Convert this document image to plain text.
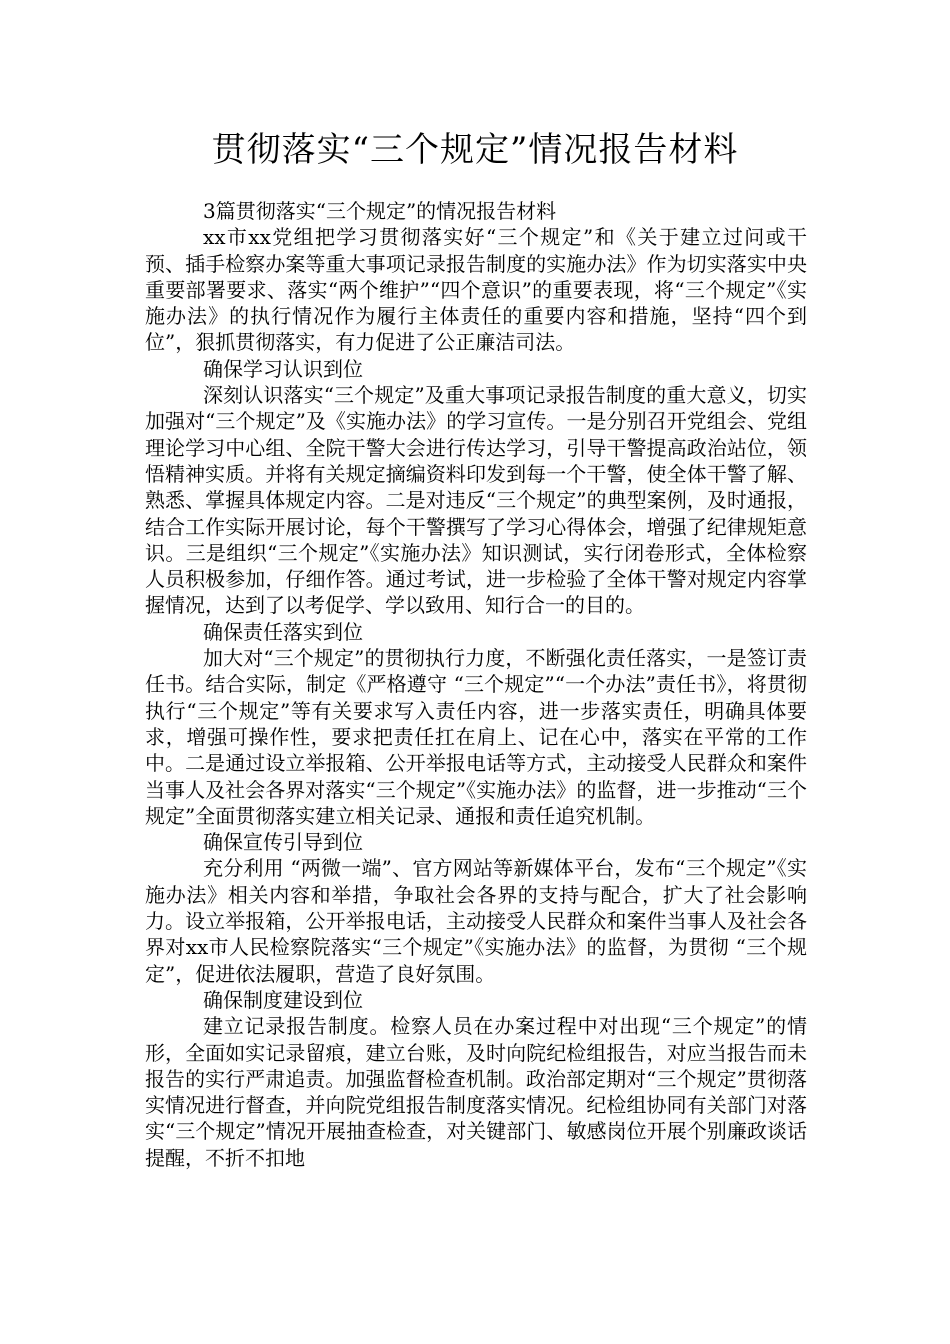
贯彻落实“三个规定”情况报告材料

3篇贯彻落实“三个规定”的情况报告材料

xx市xx党组把学习贯彻落实好“三个规定”和《关于建立过问或干预、插手检察办案等重大事项记录报告制度的实施办法》作为切实落实中央重要部署要求、落实“两个维护”“四个意识”的重要表现，将“三个规定”《实施办法》的执行情况作为履行主体责任的重要内容和措施，坚持“四个到位”，狠抓贯彻落实，有力促进了公正廉洁司法。

确保学习认识到位

深刻认识落实“三个规定”及重大事项记录报告制度的重大意义，切实加强对“三个规定”及《实施办法》的学习宣传。一是分别召开党组会、党组理论学习中心组、全院干警大会进行传达学习，引导干警提高政治站位，领悟精神实质。并将有关规定摘编资料印发到每一个干警，使全体干警了解、熟悉、掌握具体规定内容。二是对违反“三个规定”的典型案例，及时通报，结合工作实际开展讨论，每个干警撰写了学习心得体会，增强了纪律规矩意识。三是组织“三个规定”《实施办法》知识测试，实行闭卷形式，全体检察人员积极参加，仔细作答。通过考试，进一步检验了全体干警对规定内容掌握情况，达到了以考促学、学以致用、知行合一的目的。

确保责任落实到位

加大对“三个规定”的贯彻执行力度，不断强化责任落实，一是签订责任书。结合实际，制定《严格遵守 “三个规定”“一个办法”责任书》，将贯彻执行“三个规定”等有关要求写入责任内容，进一步落实责任，明确具体要求，增强可操作性，要求把责任扛在肩上、记在心中，落实在平常的工作中。二是通过设立举报箱、公开举报电话等方式，主动接受人民群众和案件当事人及社会各界对落实“三个规定”《实施办法》的监督，进一步推动“三个规定”全面贯彻落实建立相关记录、通报和责任追究机制。

确保宣传引导到位

充分利用 “两微一端”、官方网站等新媒体平台，发布“三个规定”《实施办法》相关内容和举措，争取社会各界的支持与配合，扩大了社会影响力。设立举报箱，公开举报电话，主动接受人民群众和案件当事人及社会各界对xx市人民检察院落实“三个规定”《实施办法》的监督，为贯彻 “三个规定”，促进依法履职，营造了良好氛围。

确保制度建设到位

建立记录报告制度。检察人员在办案过程中对出现“三个规定”的情形，全面如实记录留痕，建立台账，及时向院纪检组报告，对应当报告而未报告的实行严肃追责。加强监督检查机制。政治部定期对“三个规定”贯彻落实情况进行督查，并向院党组报告制度落实情况。纪检组协同有关部门对落实“三个规定”情况开展抽查检查，对关键部门、敏感岗位开展个别廉政谈话提醒，不折不扣地
